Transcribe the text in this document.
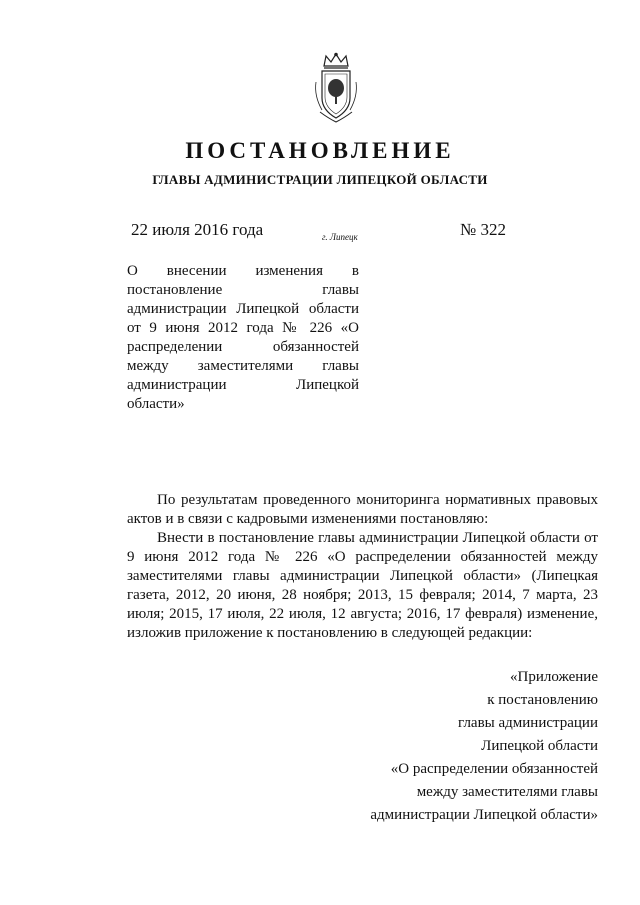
ПОСТАНОВЛЕНИЕ
ГЛАВЫ АДМИНИСТРАЦИИ ЛИПЕЦКОЙ ОБЛАСТИ
22 июля 2016 года	г. Липецк	№ 322
О внесении изменения в
постановление главы
администрации Липецкой области
от 9 июня 2012 года № 226 «О
распределении обязанностей
между заместителями главы
администрации Липецкой
области»

По результатам проведенного мониторинга нормативных правовых актов и в связи с кадровыми изменениями постановляю:

Внести в постановление главы администрации Липецкой области от 9 июня 2012 года № 226 «О распределении обязанностей между заместителями главы администрации Липецкой области» (Липецкая газета, 2012, 20 июня, 28 ноября; 2013, 15 февраля; 2014, 7 марта, 23 июля; 2015, 17 июля, 22 июля, 12 августа; 2016, 17 февраля) изменение, изложив приложение к постановлению в следующей редакции:

«Приложение
к постановлению
главы администрации
Липецкой области
«О распределении обязанностей
между заместителями главы
администрации Липецкой области»
